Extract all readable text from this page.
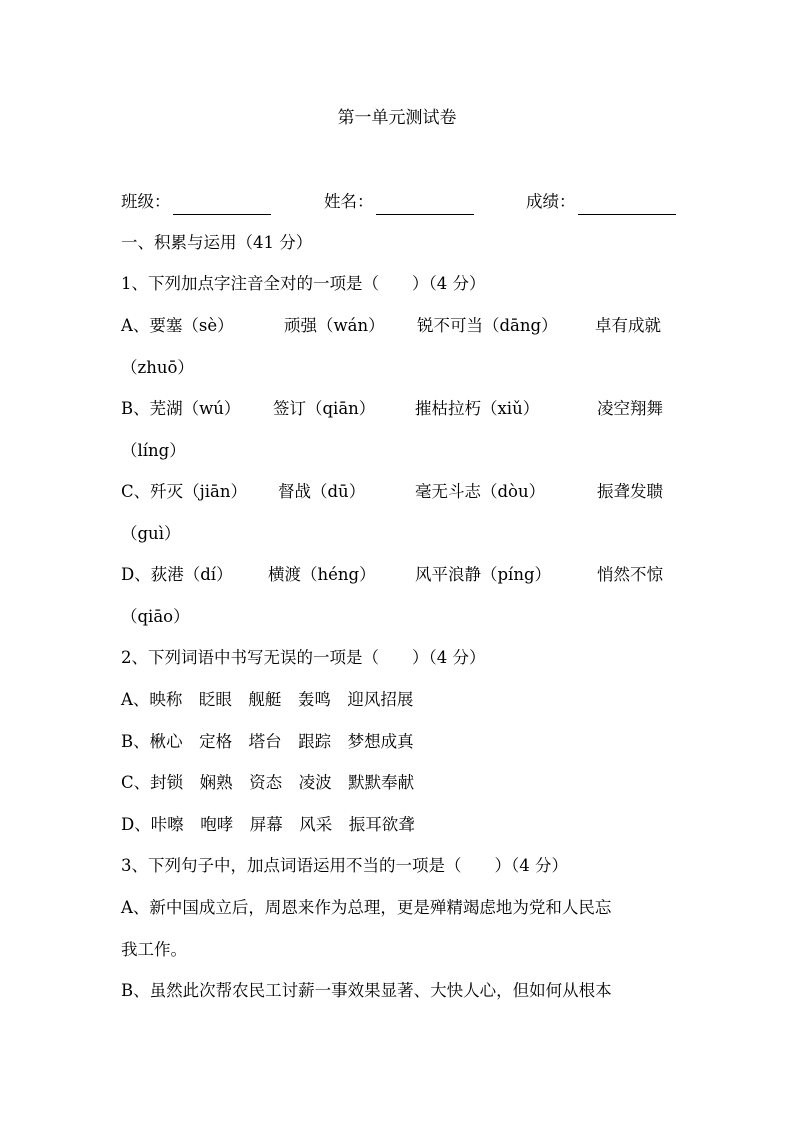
第一单元测试卷
班级：	姓名：	成绩：
一、积累与运用（41 分）
1、下列加点字注音全对的一项是（　　）（4 分）
A、要塞（sè）	顽强（wán） 锐不可当（dāng） 卓有成就
（zhuō）
B、芜湖（wú） 签订（qiān） 摧枯拉朽（xiǔ）	凌空翔舞
（líng）
C、歼灭（jiān） 督战（dū）	毫无斗志（dòu）	振聋发聩
（guì）
D、荻港（dí） 横渡（héng） 风平浪静（píng）	悄然不惊
（qiāo）
2、下列词语中书写无误的一项是（　　）（4 分）
A、映称　眨眼　舰艇　轰鸣　迎风招展
B、楸心　定格　塔台　跟踪　梦想成真
C、封锁　娴熟　资态　凌波　默默奉献
D、咔嚓　咆哮　屏幕　风采　振耳欲聋
3、下列句子中，加点词语运用不当的一项是（　　）（4 分）
A、新中国成立后，周恩来作为总理，更是殚精竭虑地为党和人民忘
我工作。
B、虽然此次帮农民工讨薪一事效果显著、大快人心，但如何从根本
